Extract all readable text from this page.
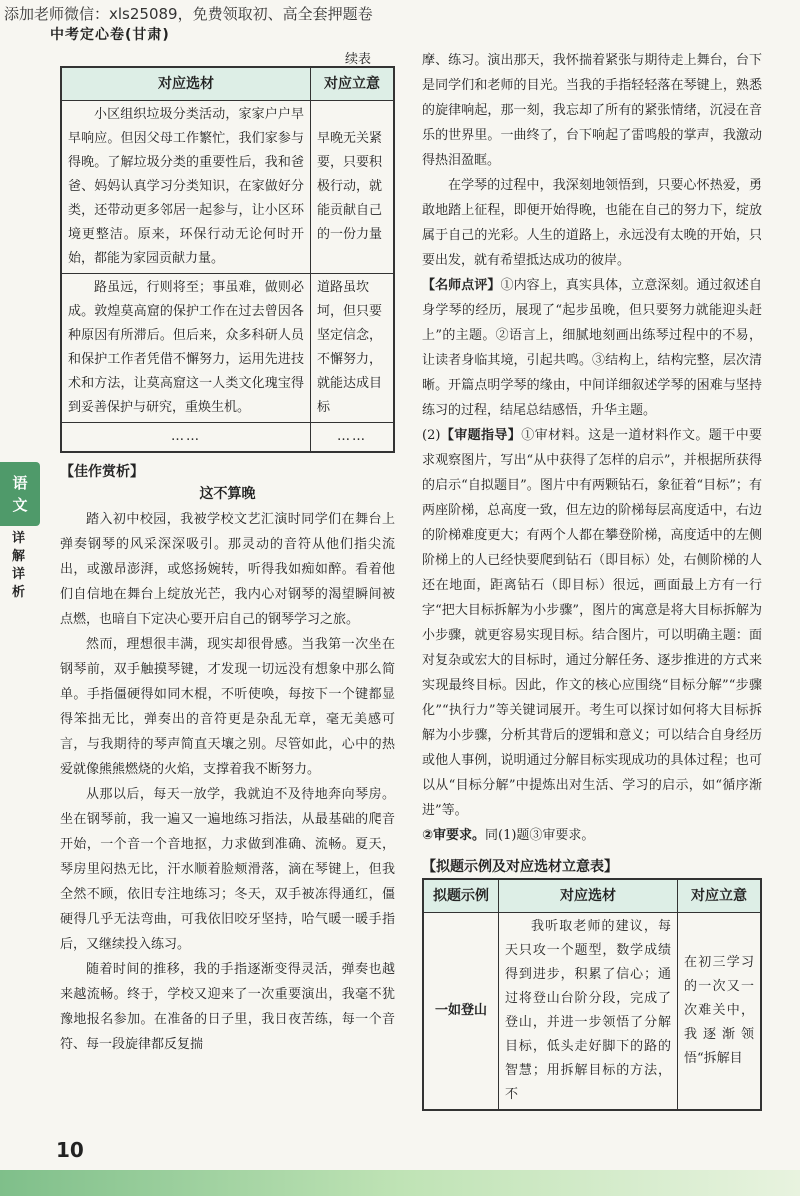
添加老师微信：xls25089，免费领取初、高全套押题卷
中考定心卷(甘肃)
续表
对应选材	对应立意
小区组织垃圾分类活动，家家户户早早响应。但因父母工作繁忙，我们家参与得晚。了解垃圾分类的重要性后，我和爸爸、妈妈认真学习分类知识，在家做好分类，还带动更多邻居一起参与，让小区环境更整洁。原来，环保行动无论何时开始，都能为家园贡献力量。	早晚无关紧要，只要积极行动，就能贡献自己的一份力量
路虽远，行则将至；事虽难，做则必成。敦煌莫高窟的保护工作在过去曾因各种原因有所滞后。但后来，众多科研人员和保护工作者凭借不懈努力，运用先进技术和方法，让莫高窟这一人类文化瑰宝得到妥善保护与研究，重焕生机。	道路虽坎坷，但只要坚定信念，不懈努力，就能达成目标
……	……
【佳作赏析】
这不算晚

踏入初中校园，我被学校文艺汇演时同学们在舞台上弹奏钢琴的风采深深吸引。那灵动的音符从他们指尖流出，或激昂澎湃，或悠扬婉转，听得我如痴如醉。看着他们自信地在舞台上绽放光芒，我内心对钢琴的渴望瞬间被点燃，也暗自下定决心要开启自己的钢琴学习之旅。

然而，理想很丰满，现实却很骨感。当我第一次坐在钢琴前，双手触摸琴键，才发现一切远没有想象中那么简单。手指僵硬得如同木棍，不听使唤，每按下一个键都显得笨拙无比，弹奏出的音符更是杂乱无章，毫无美感可言，与我期待的琴声简直天壤之别。尽管如此，心中的热爱就像熊熊燃烧的火焰，支撑着我不断努力。

从那以后，每天一放学，我就迫不及待地奔向琴房。坐在钢琴前，我一遍又一遍地练习指法，从最基础的爬音开始，一个音一个音地抠，力求做到准确、流畅。夏天，琴房里闷热无比，汗水顺着脸颊滑落，滴在琴键上，但我全然不顾，依旧专注地练习；冬天，双手被冻得通红，僵硬得几乎无法弯曲，可我依旧咬牙坚持，哈气暖一暖手指后，又继续投入练习。

随着时间的推移，我的手指逐渐变得灵活，弹奏也越来越流畅。终于，学校又迎来了一次重要演出，我毫不犹豫地报名参加。在准备的日子里，我日夜苦练，每一个音符、每一段旋律都反复揣

摩、练习。演出那天，我怀揣着紧张与期待走上舞台，台下是同学们和老师的目光。当我的手指轻轻落在琴键上，熟悉的旋律响起，那一刻，我忘却了所有的紧张情绪，沉浸在音乐的世界里。一曲终了，台下响起了雷鸣般的掌声，我激动得热泪盈眶。

在学琴的过程中，我深刻地领悟到，只要心怀热爱，勇敢地踏上征程，即便开始得晚，也能在自己的努力下，绽放属于自己的光彩。人生的道路上，永远没有太晚的开始，只要出发，就有希望抵达成功的彼岸。

【名师点评】①内容上，真实具体，立意深刻。通过叙述自身学琴的经历，展现了“起步虽晚，但只要努力就能迎头赶上”的主题。②语言上，细腻地刻画出练琴过程中的不易，让读者身临其境，引起共鸣。③结构上，结构完整，层次清晰。开篇点明学琴的缘由，中间详细叙述学琴的困难与坚持练习的过程，结尾总结感悟，升华主题。

(2)【审题指导】①审材料。这是一道材料作文。题干中要求观察图片，写出“从中获得了怎样的启示”，并根据所获得的启示“自拟题目”。图片中有两颗钻石，象征着“目标”；有两座阶梯，总高度一致，但左边的阶梯每层高度适中，右边的阶梯难度更大；有两个人都在攀登阶梯，高度适中的左侧阶梯上的人已经快要爬到钻石（即目标）处，右侧阶梯的人还在地面，距离钻石（即目标）很远，画面最上方有一行字“把大目标拆解为小步骤”，图片的寓意是将大目标拆解为小步骤，就更容易实现目标。结合图片，可以明确主题：面对复杂或宏大的目标时，通过分解任务、逐步推进的方式来实现最终目标。因此，作文的核心应围绕“目标分解”“步骤化”“执行力”等关键词展开。考生可以探讨如何将大目标拆解为小步骤，分析其背后的逻辑和意义；可以结合自身经历或他人事例，说明通过分解目标实现成功的具体过程；也可以从“目标分解”中提炼出对生活、学习的启示，如“循序渐进”等。

②审要求。同(1)题③审要求。

【拟题示例及对应选材立意表】
拟题示例	对应选材	对应立意
一如登山	我听取老师的建议，每天只攻一个题型，数学成绩得到进步，积累了信心；通过将登山台阶分段，完成了登山，并进一步领悟了分解目标，低头走好脚下的路的智慧；用拆解目标的方法，不	在初三学习的一次又一次难关中，我逐渐领悟“拆解目
语
文
详解详析
10
